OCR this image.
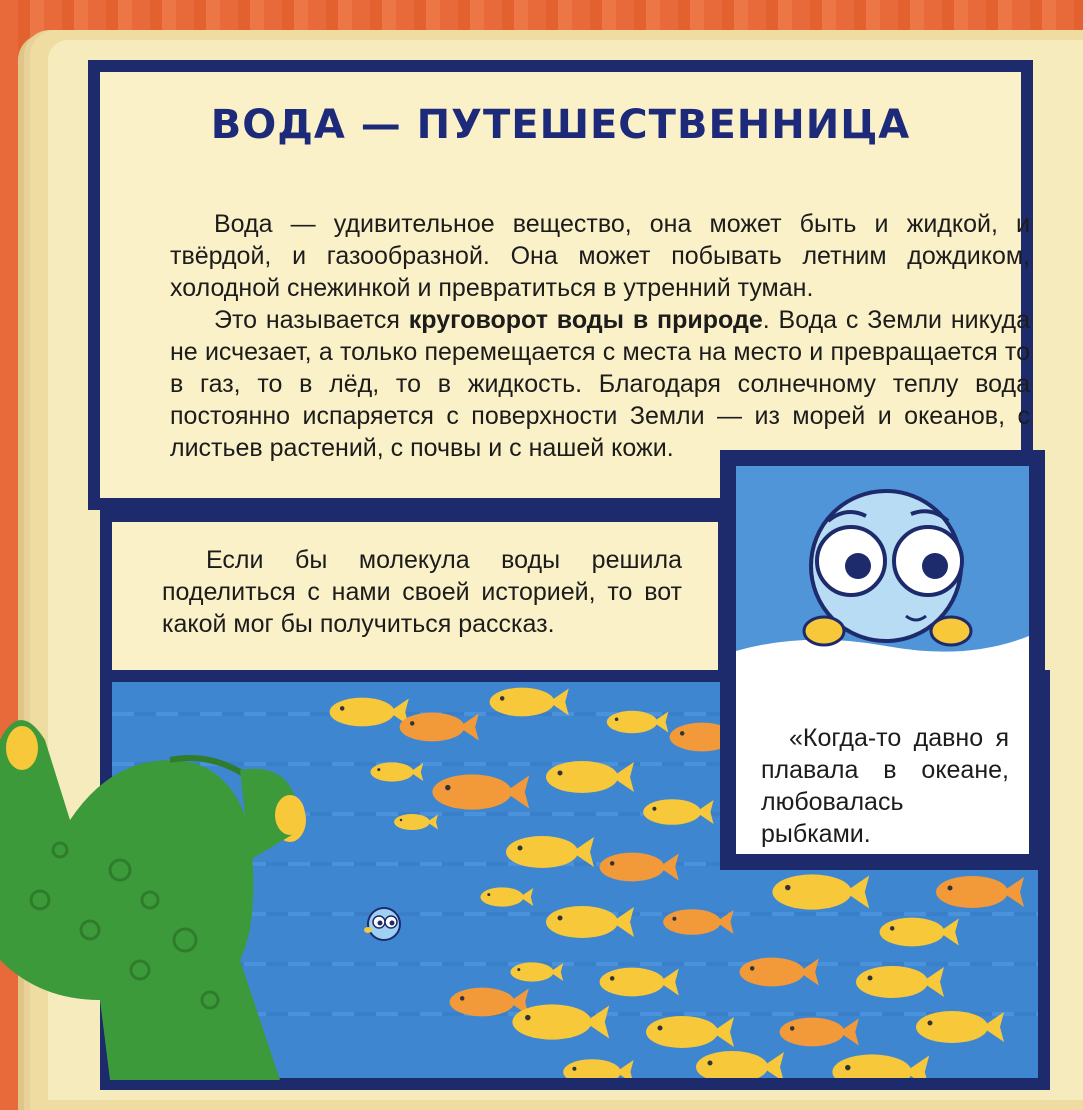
ВОДА — ПУТЕШЕСТВЕННИЦА

Вода — удивительное вещество, она может быть и жидкой, и твёрдой, и газообразной. Она может побывать летним дождиком, холодной снежинкой и превратиться в утренний туман.

Это называется круговорот воды в природе. Вода с Земли никуда не исчезает, а только перемещается с места на место и превращается то в газ, то в лёд, то в жидкость. Благодаря солнечному теплу вода постоянно испаряется с поверхности Земли — из морей и океанов, с листьев растений, с почвы и с нашей кожи.

Если бы молекула воды решила поделиться с нами своей историей, то вот какой мог бы получиться рассказ.
«Когда-то давно я плавала в океане, любовалась рыбками.
